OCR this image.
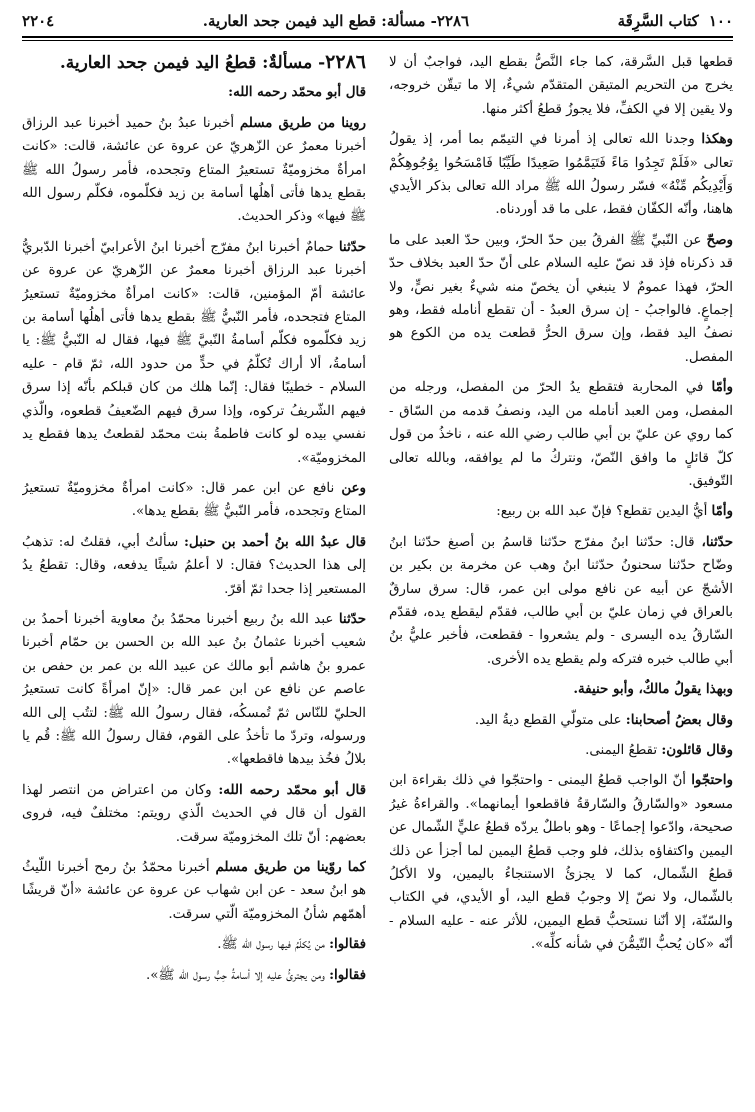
١٠٠
كتاب السَّرِقَة
٢٢٨٦- مسألة: قطع اليد فيمن جحد العارية.
٢٢٠٤

قطعها قبل السَّرقة، كما جاء النَّصُّ بقطع اليد، فواجبٌ أن لا يخرج من التحريم المتيقن المتقدّم شيءٌ، إلا ما تيقّن خروجه، ولا يقين إلا في الكفِّ، فلا يجوزُ قطعُ أكثر منها.

وهكذا وجدنا الله تعالى إذ أمرنا في التيمّم بما أمر، إذ يقولُ تعالى «فَلَمْ تَجِدُوا مَاءً فَتَيَمَّمُوا صَعِيدًا طَيِّبًا فَامْسَحُوا بِوُجُوهِكُمْ وَأَيْدِيكُم مِّنْهُ» فسّر رسولُ الله ﷺ مراد الله تعالى بذكر الأيدي هاهنا، وأنّه الكفّان فقط، على ما قد أوردناه.

وصحّ عن النّبيِّ ﷺ الفرقُ بين حدّ الحرّ، وبين حدّ العبد على ما قد ذكرناه فإذ قد نصّ عليه السلام على أنّ حدّ العبد بخلاف حدّ الحرّ، فهذا عمومٌ لا ينبغي أن يخصّ منه شيءٌ بغير نصٍّ، ولا إجماعٍ. فالواجبُ - إن سرق العبدُ - أن تقطع أنامله فقط، وهو نصفُ اليد فقط، وإن سرق الحرُّ قطعت يده من الكوع هو المفصل.

وأمّا في المحاربة فتقطع يدُ الحرّ من المفصل، ورجله من المفصل، ومن العبد أنامله من اليد، ونصفُ قدمه من السّاق - كما روي عن عليّ بن أبي طالب رضي الله عنه ، ناخذُ من قول كلّ قائلٍ ما وافق النّصّ، ونتركُ ما لم يوافقه، وبالله تعالى التّوفيق.

وأمّا أيُّ اليدين تقطع؟ فإنّ عبد الله بن ربيع:

حدّثنا، قال: حدّثنا ابنُ مفرّج حدّثنا قاسمُ بن أصبغ حدّثنا ابنُ وضّاح حدّثنا سحنونُ حدّثنا ابنُ وهب عن مخرمة بن بكير بن الأشجّ عن أبيه عن نافع مولى ابن عمر، قال: سرق سارقٌ بالعراق في زمان عليّ بن أبي طالب، فقدّم ليقطع يده، فقدّم السّارقُ يده اليسرى - ولم يشعروا - فقطعت، فأخبر عليُّ بنُ أبي طالب خبره فتركه ولم يقطع يده الأخرى.

وبهذا يقولُ مالكٌ، وأبو حنيفة.

وقال بعضُ أصحابنا: على متولّي القطع ديةُ اليد.

وقال قائلون: تقطعُ اليمنى.

واحتجّوا أنّ الواجب قطعُ اليمنى - واحتجّوا في ذلك بقراءة ابن مسعود «والسّارقُ والسّارقةُ فاقطعوا أيمانهما». والقراءةُ غيرُ صحيحة، وادّعوا إجماعًا - وهو باطلٌ يردّه قطعُ عليٍّ الشّمال عن اليمين واكتفاؤه بذلك، فلو وجب قطعُ اليمين لما أجزأ عن ذلك قطعُ الشّمال، كما لا يجزئُ الاستنجاءُ باليمين، ولا الأكلُ بالشّمال، ولا نصّ إلا وجوبُ قطع اليد، أو الأيدي، في الكتاب والسّنّة، إلا أنّنا نستحبُّ قطع اليمين، للأثر عنه - عليه السلام - أنّه «كان يُحبُّ التّيمُّنَ في شأنه كلِّه».

٢٢٨٦- مسألةٌ: قطعُ اليد فيمن جحد العارية.

قال أبو محمّد رحمه الله:

روينا من طريق مسلم أخبرنا عبدُ بنُ حميد أخبرنا عبد الرزاق أخبرنا معمرٌ عن الزّهريّ عن عروة عن عائشة، قالت: «كانت امرأةٌ مخزوميّةٌ تستعيرُ المتاع وتجحده، فأمر رسولُ الله ﷺ بقطع يدها فأتى أهلُها أسامة بن زيد فكلّموه، فكلّم رسول الله ﷺ فيها» وذكر الحديث.

حدّثنا حمامٌ أخبرنا ابنُ مفرّج أخبرنا ابنُ الأعرابيّ أخبرنا الدّبريُّ أخبرنا عبد الرزاق أخبرنا معمرٌ عن الزّهريّ عن عروة عن عائشة أمّ المؤمنين، قالت: «كانت امرأةٌ مخزوميّةٌ تستعيرُ المتاع فتجحده، فأمر النّبيُّ ﷺ بقطع يدها فأتى أهلُها أسامة بن زيد فكلّموه فكلّم أسامةُ النّبيَّ ﷺ فيها، فقال له النّبيُّ ﷺ: يا أسامةُ، ألا أراك تُكلّمُ في حدٍّ من حدود الله، ثمّ قام - عليه السلام - خطيبًا فقال: إنّما هلك من كان قبلكم بأنّه إذا سرق فيهم الشّريفُ تركوه، وإذا سرق فيهم الضّعيفُ قطعوه، والّذي نفسي بيده لو كانت فاطمةُ بنت محمّد لقطعتُ يدها فقطع يد المخزوميّة».

وعن نافع عن ابن عمر قال: «كانت امرأةٌ مخزوميّةٌ تستعيرُ المتاع وتجحده، فأمر النّبيُّ ﷺ بقطع يدها».

قال عبدُ الله بنُ أحمد بن حنبل: سألتُ أبي، فقلتُ له: تذهبُ إلى هذا الحديث؟ فقال: لا أعلمُ شيئًا يدفعه، وقال: تقطعُ يدُ المستعير إذا جحدا ثمّ أقرّ.

حدّثنا عبد الله بنُ ربيع أخبرنا محمّدُ بنُ معاوية أخبرنا أحمدُ بن شعيب أخبرنا عثمانُ بنُ عبد الله بن الحسن بن حمّام أخبرنا عمرو بنُ هاشم أبو مالك عن عبيد الله بن عمر بن حفص بن عاصم عن نافع عن ابن عمر قال: «إنّ امرأةً كانت تستعيرُ الحليّ للنّاس ثمّ تُمسكُه، فقال رسولُ الله ﷺ: لتتُب إلى الله ورسوله، وتردّ ما تأخذُ على القوم، فقال رسولُ الله ﷺ: قُم يا بلالُ فخُذ بيدها فاقطعها».

قال أبو محمّد رحمه الله: وكان من اعتراض من انتصر لهذا القول أن قال في الحديث الّذي رويتم: مختلفٌ فيه، فروى بعضهم: أنّ تلك المخزوميّة سرقت.

كما روّينا من طريق مسلم أخبرنا محمّدُ بنُ رمح أخبرنا اللّيثُ هو ابنُ سعد - عن ابن شهاب عن عروة عن عائشة «أنّ قريشًا أهمّهم شأنُ المخزوميّة الّتي سرقت.

فقالوا: من يُكلّمُ فيها رسول الله ﷺ.

فقالوا: ومن يجترئُ عليه إلا أسامةُ حِبُّ رسول الله ﷺ».
